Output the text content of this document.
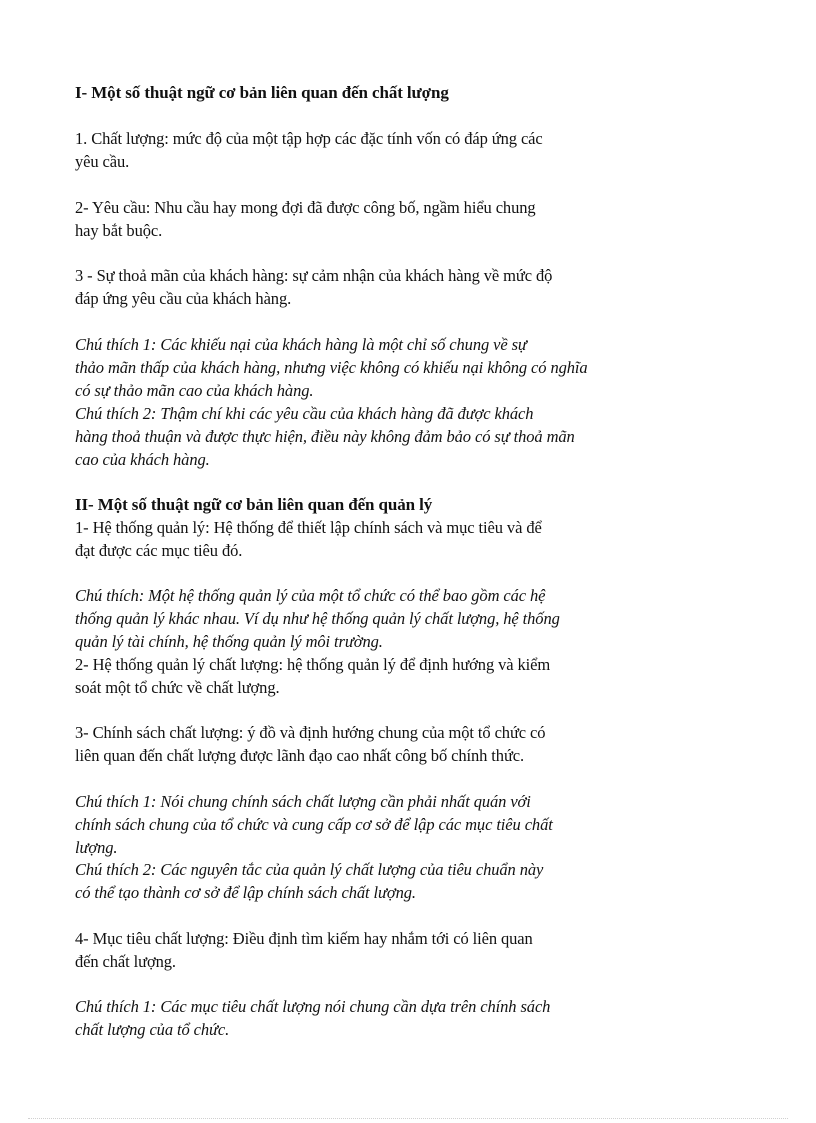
I- Một số thuật ngữ cơ bản liên quan đến chất lượng

1. Chất lượng: mức độ của một tập hợp các đặc tính vốn có đáp ứng các

yêu cầu.

2- Yêu cầu: Nhu cầu hay mong đợi đã được công bố, ngầm hiểu chung

hay bắt buộc.

3 - Sự thoả mãn của khách hàng: sự cảm nhận của khách hàng về mức độ

đáp ứng yêu cầu của khách hàng.

Chú thích 1: Các khiếu nại của khách hàng là một chỉ số chung về sự

thảo mãn thấp của khách hàng, nhưng việc không có khiếu nại không có nghĩa

có sự thảo mãn cao của khách hàng.

Chú thích 2: Thậm chí khi các yêu cầu của khách hàng đã được khách

hàng thoả thuận và được thực hiện, điều này không đảm bảo có sự thoả mãn

cao của khách hàng.

II- Một số thuật ngữ cơ bản liên quan đến quản lý

1- Hệ thống quản lý: Hệ thống để thiết lập chính sách và mục tiêu và để

đạt được các mục tiêu đó.

Chú thích: Một hệ thống quản lý của một tổ chức có thể bao gồm các hệ

thống quản lý khác nhau. Ví dụ như hệ thống quản lý chất lượng, hệ thống

quản lý tài chính, hệ thống quản lý môi trường.

2- Hệ thống quản lý chất lượng: hệ thống quản lý để định hướng và kiểm

soát một tổ chức về chất lượng.

3- Chính sách chất lượng: ý đồ và định hướng chung của một tổ chức có

liên quan đến chất lượng được lãnh đạo cao nhất công bố chính thức.

Chú thích 1: Nói chung chính sách chất lượng cần phải nhất quán với

chính sách chung của tổ chức và cung cấp cơ sở để lập các mục tiêu chất

lượng.

Chú thích 2: Các nguyên tắc của quản lý chất lượng của tiêu chuẩn này

có thể tạo thành cơ sở để lập chính sách chất lượng.

4- Mục tiêu chất lượng: Điều định tìm kiếm hay nhắm tới có liên quan

đến chất lượng.

Chú thích 1: Các mục tiêu chất lượng nói chung cần dựa trên chính sách

chất lượng của tổ chức.
